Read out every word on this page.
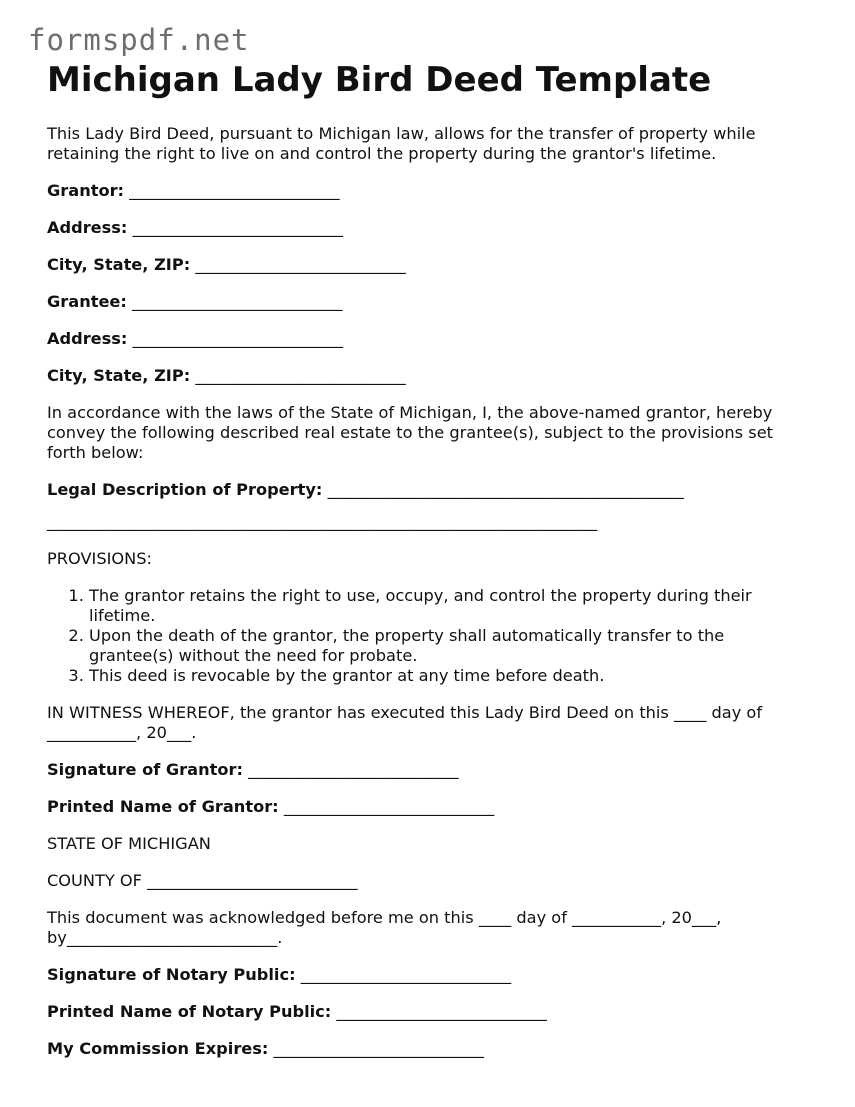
formspdf.net
Michigan Lady Bird Deed Template

This Lady Bird Deed, pursuant to Michigan law, allows for the transfer of property while retaining the right to live on and control the property during the grantor's lifetime.

Grantor: __________________________
Address: __________________________
City, State, ZIP: __________________________
Grantee: __________________________
Address: __________________________
City, State, ZIP: __________________________

In accordance with the laws of the State of Michigan, I, the above-named grantor, hereby convey the following described real estate to the grantee(s), subject to the provisions set forth below:

Legal Description of Property: ____________________________________________
____________________________________________________________________

PROVISIONS:

1. The grantor retains the right to use, occupy, and control the property during their lifetime.
2. Upon the death of the grantor, the property shall automatically transfer to the grantee(s) without the need for probate.
3. This deed is revocable by the grantor at any time before death.

IN WITNESS WHEREOF, the grantor has executed this Lady Bird Deed on this ____ day of ___________, 20___.

Signature of Grantor: __________________________
Printed Name of Grantor: __________________________

STATE OF MICHIGAN

COUNTY OF __________________________

This document was acknowledged before me on this ____ day of ___________, 20___, by__________________________.

Signature of Notary Public: __________________________
Printed Name of Notary Public: __________________________
My Commission Expires: __________________________
